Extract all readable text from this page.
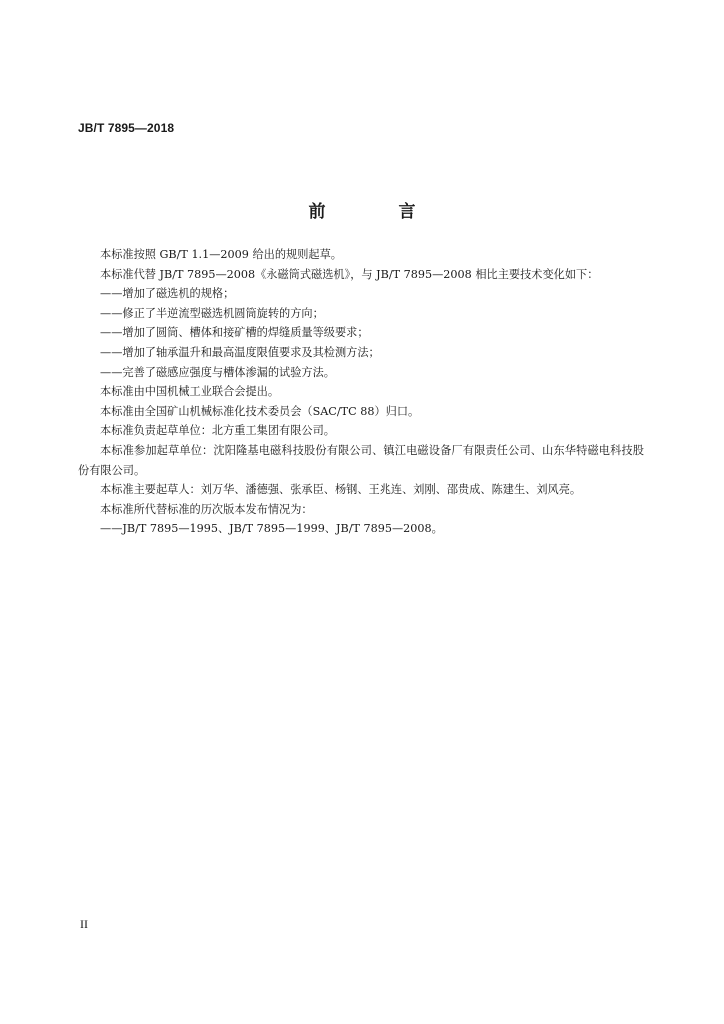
JB/T 7895—2018
前　言

本标准按照 GB/T 1.1—2009 给出的规则起草。

本标准代替 JB/T 7895—2008《永磁筒式磁选机》，与 JB/T 7895—2008 相比主要技术变化如下：

——增加了磁选机的规格；

——修正了半逆流型磁选机圆筒旋转的方向；

——增加了圆筒、槽体和接矿槽的焊缝质量等级要求；

——增加了轴承温升和最高温度限值要求及其检测方法；

——完善了磁感应强度与槽体渗漏的试验方法。

本标准由中国机械工业联合会提出。

本标准由全国矿山机械标准化技术委员会（SAC/TC 88）归口。

本标准负责起草单位：北方重工集团有限公司。

本标准参加起草单位：沈阳隆基电磁科技股份有限公司、镇江电磁设备厂有限责任公司、山东华特磁电科技股份有限公司。

本标准主要起草人：刘万华、潘德强、张承臣、杨钢、王兆连、刘刚、邵贵成、陈建生、刘风亮。

本标准所代替标准的历次版本发布情况为：

——JB/T 7895—1995、JB/T 7895—1999、JB/T 7895—2008。

II
